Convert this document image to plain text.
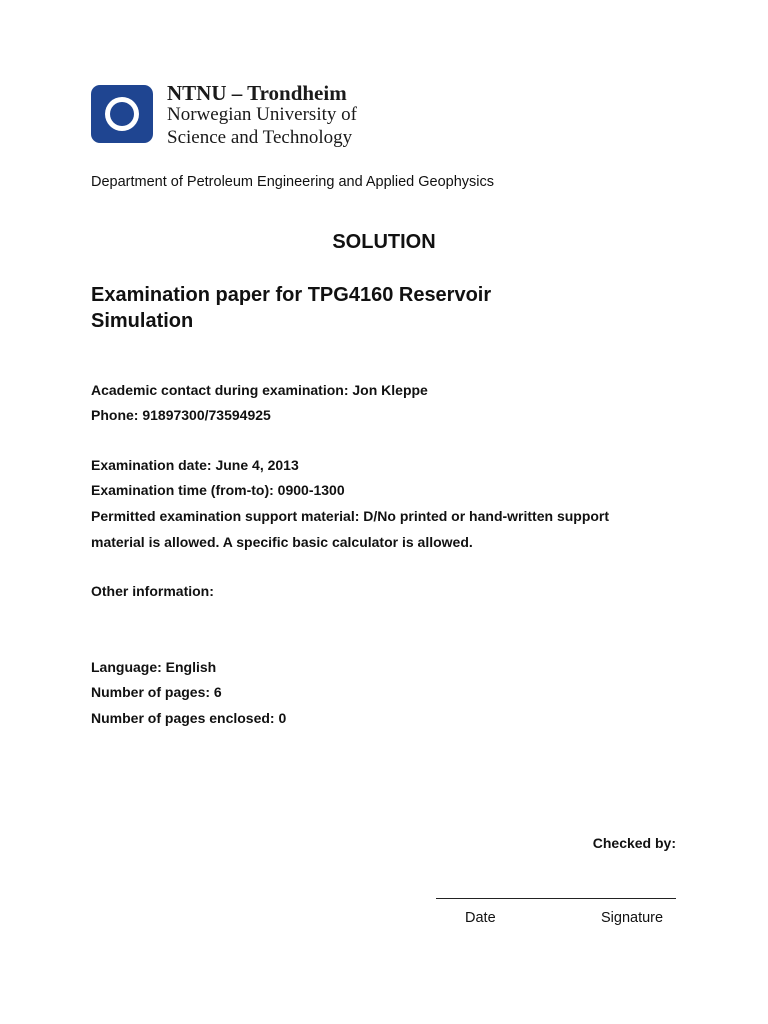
NTNU – Trondheim
Norwegian University of
Science and Technology
Department of Petroleum Engineering and Applied Geophysics
SOLUTION
Examination paper for TPG4160 Reservoir
Simulation
Academic contact during examination: Jon Kleppe
Phone: 91897300/73594925
Examination date: June 4, 2013
Examination time (from-to): 0900-1300
Permitted examination support material: D/No printed or hand-written support
material is allowed. A specific basic calculator is allowed.
Other information:
Language: English
Number of pages: 6
Number of pages enclosed: 0
Checked by:
Date	Signature
